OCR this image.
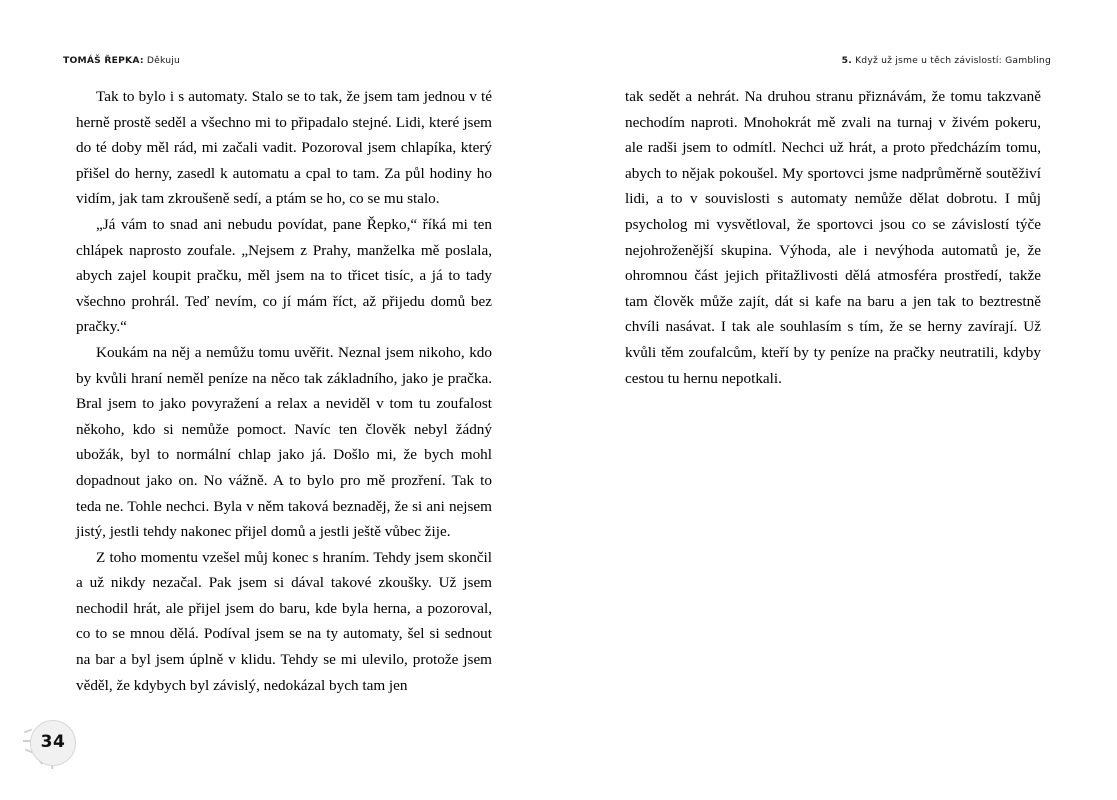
TOMÁŠ ŘEPKA: Děkuju	5. Když už jsme u těch závislostí: Gambling

Tak to bylo i s automaty. Stalo se to tak, že jsem tam jednou v té herně prostě seděl a všechno mi to připadalo stejné. Lidi, které jsem do té doby měl rád, mi začali vadit. Pozoroval jsem chlapíka, který přišel do herny, zasedl k automatu a cpal to tam. Za půl hodiny ho vidím, jak tam zkroušeně sedí, a ptám se ho, co se mu stalo.

„Já vám to snad ani nebudu povídat, pane Řepko,“ říká mi ten chlápek naprosto zoufale. „Nejsem z Prahy, manželka mě poslala, abych zajel koupit pračku, měl jsem na to třicet tisíc, a já to tady všechno prohrál. Teď nevím, co jí mám říct, až přijedu domů bez pračky.“

Koukám na něj a nemůžu tomu uvěřit. Neznal jsem nikoho, kdo by kvůli hraní neměl peníze na něco tak základního, jako je pračka. Bral jsem to jako povyražení a relax a neviděl v tom tu zoufalost někoho, kdo si nemůže pomoct. Navíc ten člověk nebyl žádný ubožák, byl to normální chlap jako já. Došlo mi, že bych mohl dopadnout jako on. No vážně. A to bylo pro mě prozření. Tak to teda ne. Tohle nechci. Byla v něm taková beznaděj, že si ani nejsem jistý, jestli tehdy nakonec přijel domů a jestli ještě vůbec žije.

Z toho momentu vzešel můj konec s hraním. Tehdy jsem skončil a už nikdy nezačal. Pak jsem si dával takové zkoušky. Už jsem nechodil hrát, ale přijel jsem do baru, kde byla herna, a pozoroval, co to se mnou dělá. Podíval jsem se na ty automaty, šel si sednout na bar a byl jsem úplně v klidu. Tehdy se mi ulevilo, protože jsem věděl, že kdybych byl závislý, nedokázal bych tam jen

tak sedět a nehrát. Na druhou stranu přiznávám, že tomu takzvaně nechodím naproti. Mnohokrát mě zvali na turnaj v živém pokeru, ale radši jsem to odmítl. Nechci už hrát, a proto předcházím tomu, abych to nějak pokoušel. My sportovci jsme nadprůměrně soutěživí lidi, a to v souvislosti s automaty nemůže dělat dobrotu. I můj psycholog mi vysvětloval, že sportovci jsou co se závislostí týče nejohroženější skupina. Výhoda, ale i nevýhoda automatů je, že ohromnou část jejich přitažlivosti dělá atmosféra prostředí, takže tam člověk může zajít, dát si kafe na baru a jen tak to beztrestně chvíli nasávat. I tak ale souhlasím s tím, že se herny zavírají. Už kvůli těm zoufalcům, kteří by ty peníze na pračky neutratili, kdyby cestou tu hernu nepotkali.

34
